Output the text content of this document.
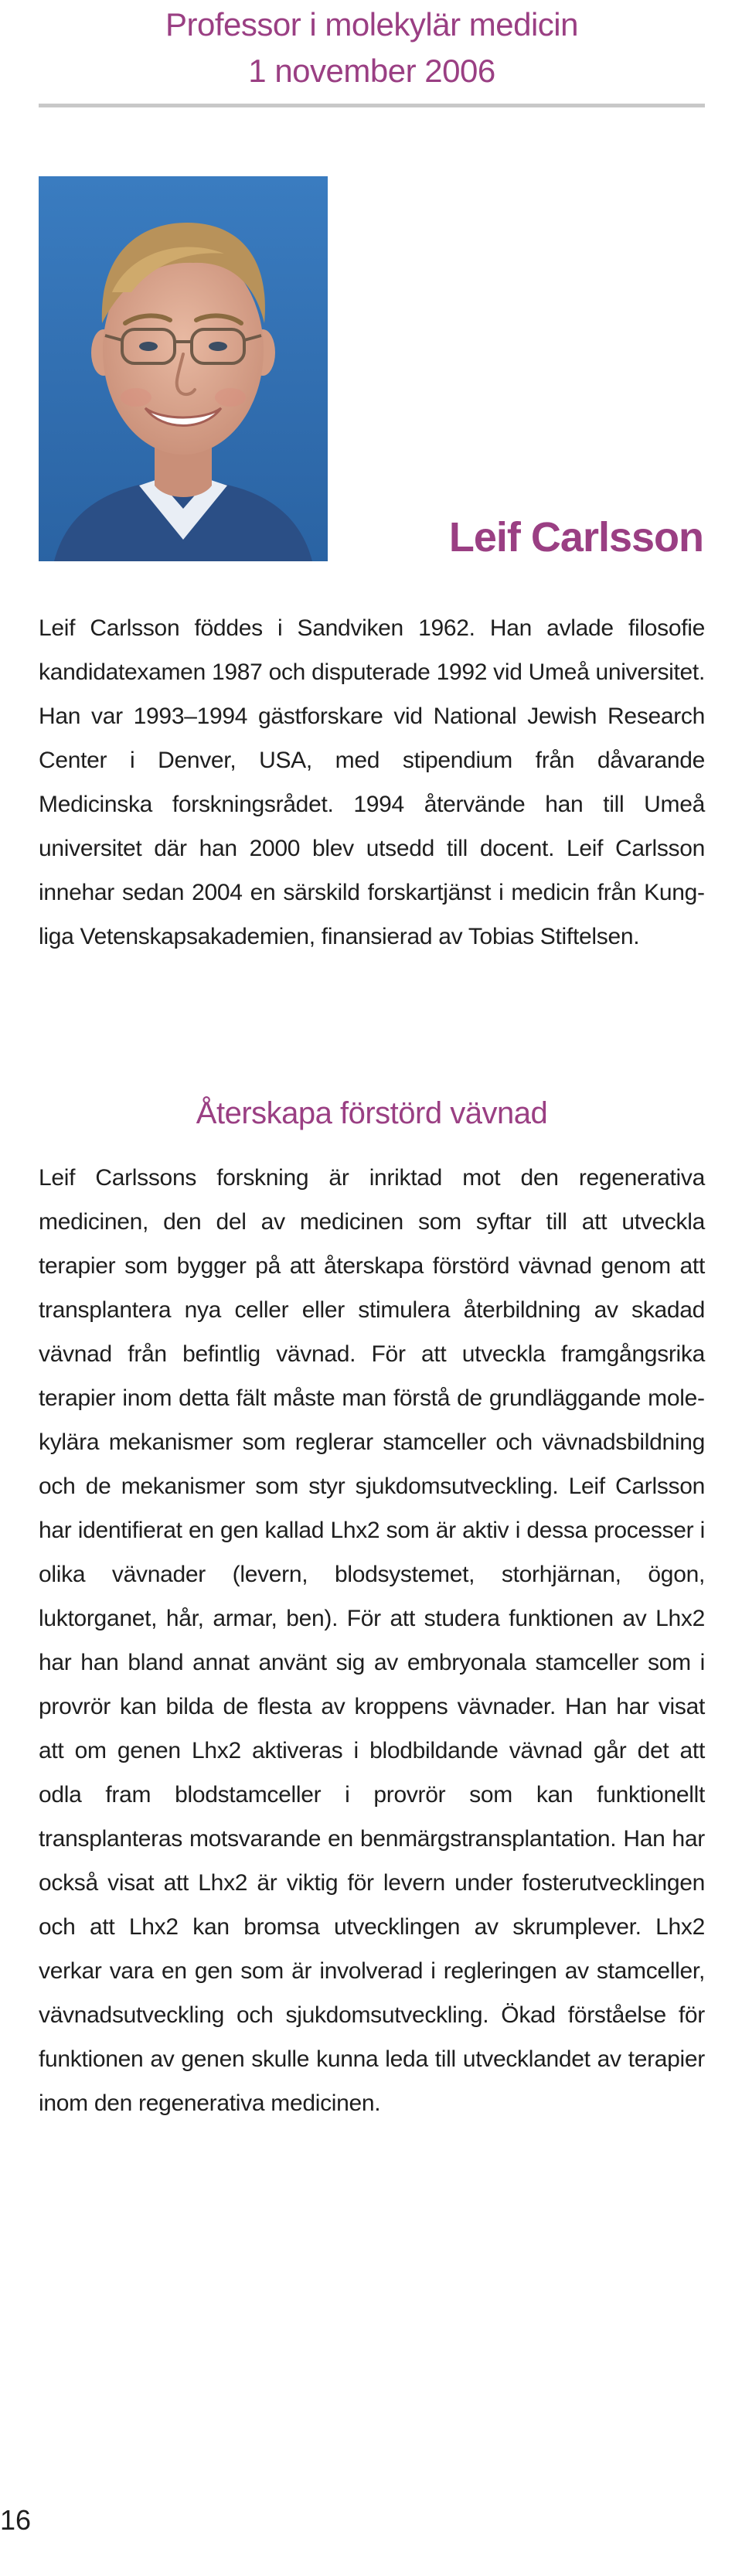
Professor i molekylär medicin
1 november 2006
Leif Carlsson
Leif Carlsson föddes i Sandviken 1962. Han avlade filosofie kandidatexamen 1987 och disputerade 1992 vid Umeå universitet. Han var 1993–1994 gästforskare vid National Jewish Research Center i Denver, USA, med stipendium från dåvarande Medicinska forskningsrådet. 1994 återvände han till Umeå universitet där han 2000 blev utsedd till docent. Leif Carlsson innehar sedan 2004 en särskild forskartjänst i medicin från Kungliga Vetenskapsakademien, finansierad av Tobias Stiftelsen.
Återskapa förstörd vävnad
Leif Carlssons forskning är inriktad mot den regenerativa medicinen, den del av medicinen som syftar till att utveckla terapier som bygger på att återskapa förstörd vävnad genom att transplantera nya celler eller stimulera återbildning av skadad vävnad från befintlig vävnad. För att utveckla framgångsrika terapier inom detta fält måste man förstå de grundläggande molekylära mekanismer som reglerar stamceller och vävnadsbildning och de mekanismer som styr sjukdomsutveckling. Leif Carlsson har identifierat en gen kallad Lhx2 som är aktiv i dessa processer i olika vävnader (levern, blodsystemet, storhjärnan, ögon, luktorganet, hår, armar, ben). För att studera funktionen av Lhx2 har han bland annat använt sig av embryonala stamceller som i provrör kan bilda de flesta av kroppens vävnader. Han har visat att om genen Lhx2 aktiveras i blodbildande vävnad går det att odla fram blodstamceller i provrör som kan funktionellt transplanteras motsvarande en benmärgstransplantation. Han har också visat att Lhx2 är viktig för levern under fosterutvecklingen och att Lhx2 kan bromsa utvecklingen av skrumplever. Lhx2 verkar vara en gen som är involverad i regleringen av stamceller, vävnadsutveckling och sjukdomsutveckling. Ökad förståelse för funktionen av genen skulle kunna leda till utvecklandet av terapier inom den regenerativa medicinen.
16
